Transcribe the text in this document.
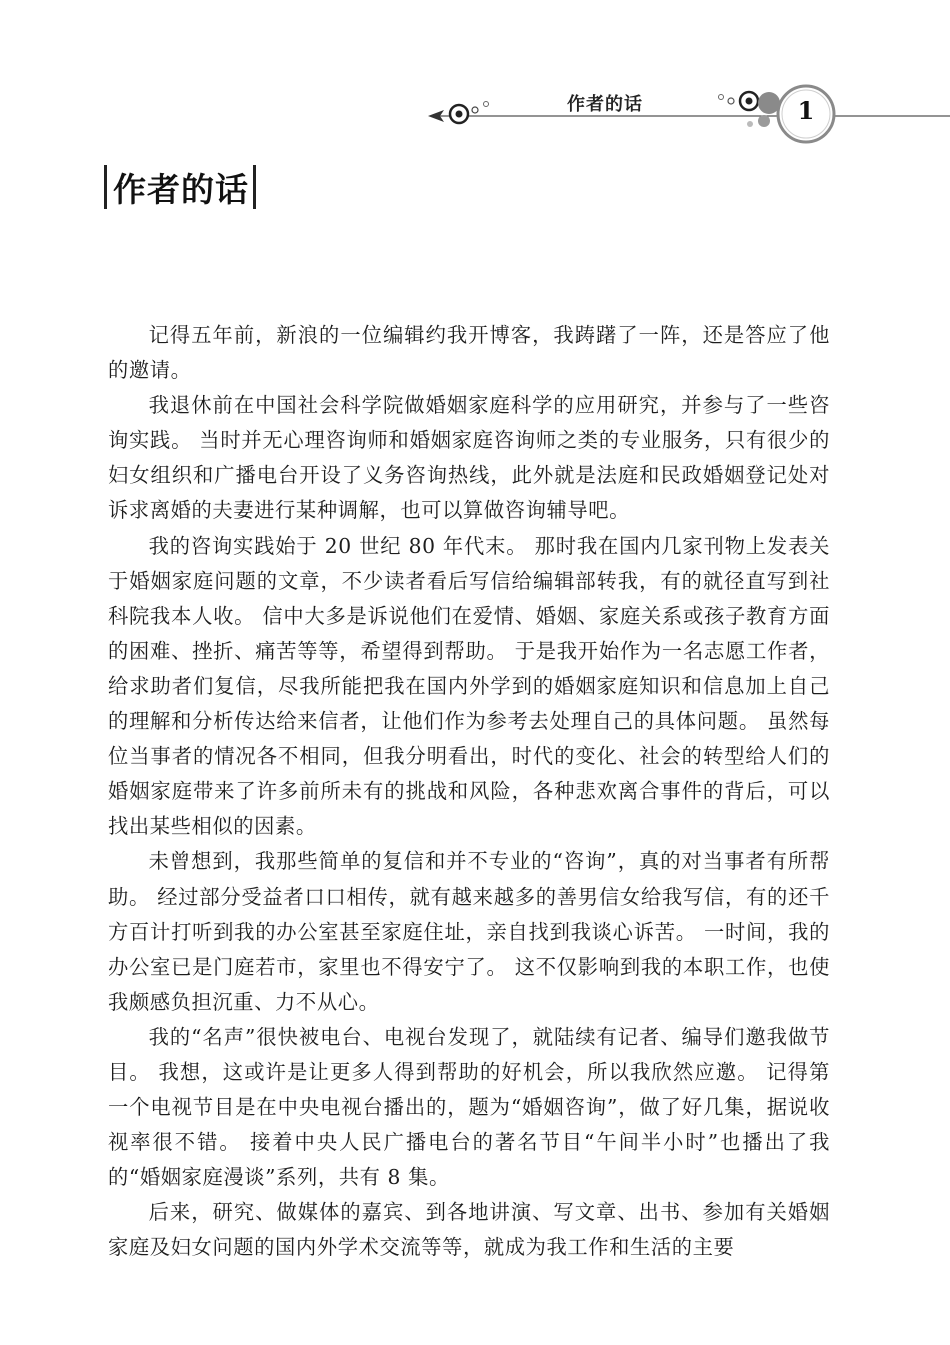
作者的话	1
作者的话

记得五年前，新浪的一位编辑约我开博客，我踌躇了一阵，还是答应了他的邀请。

我退休前在中国社会科学院做婚姻家庭科学的应用研究，并参与了一些咨询实践。 当时并无心理咨询师和婚姻家庭咨询师之类的专业服务，只有很少的妇女组织和广播电台开设了义务咨询热线，此外就是法庭和民政婚姻登记处对诉求离婚的夫妻进行某种调解，也可以算做咨询辅导吧。

我的咨询实践始于 20 世纪 80 年代末。 那时我在国内几家刊物上发表关于婚姻家庭问题的文章，不少读者看后写信给编辑部转我，有的就径直写到社科院我本人收。 信中大多是诉说他们在爱情、婚姻、家庭关系或孩子教育方面的困难、挫折、痛苦等等，希望得到帮助。 于是我开始作为一名志愿工作者，给求助者们复信，尽我所能把我在国内外学到的婚姻家庭知识和信息加上自己的理解和分析传达给来信者，让他们作为参考去处理自己的具体问题。 虽然每位当事者的情况各不相同，但我分明看出，时代的变化、社会的转型给人们的婚姻家庭带来了许多前所未有的挑战和风险，各种悲欢离合事件的背后，可以找出某些相似的因素。

未曾想到，我那些简单的复信和并不专业的“咨询”，真的对当事者有所帮助。 经过部分受益者口口相传，就有越来越多的善男信女给我写信，有的还千方百计打听到我的办公室甚至家庭住址，亲自找到我谈心诉苦。 一时间，我的办公室已是门庭若市，家里也不得安宁了。 这不仅影响到我的本职工作，也使我颇感负担沉重、力不从心。

我的“名声”很快被电台、电视台发现了，就陆续有记者、编导们邀我做节目。 我想，这或许是让更多人得到帮助的好机会，所以我欣然应邀。 记得第一个电视节目是在中央电视台播出的，题为“婚姻咨询”，做了好几集，据说收视率很不错。 接着中央人民广播电台的著名节目“午间半小时”也播出了我的“婚姻家庭漫谈”系列，共有 8 集。

后来，研究、做媒体的嘉宾、到各地讲演、写文章、出书、参加有关婚姻家庭及妇女问题的国内外学术交流等等，就成为我工作和生活的主要
